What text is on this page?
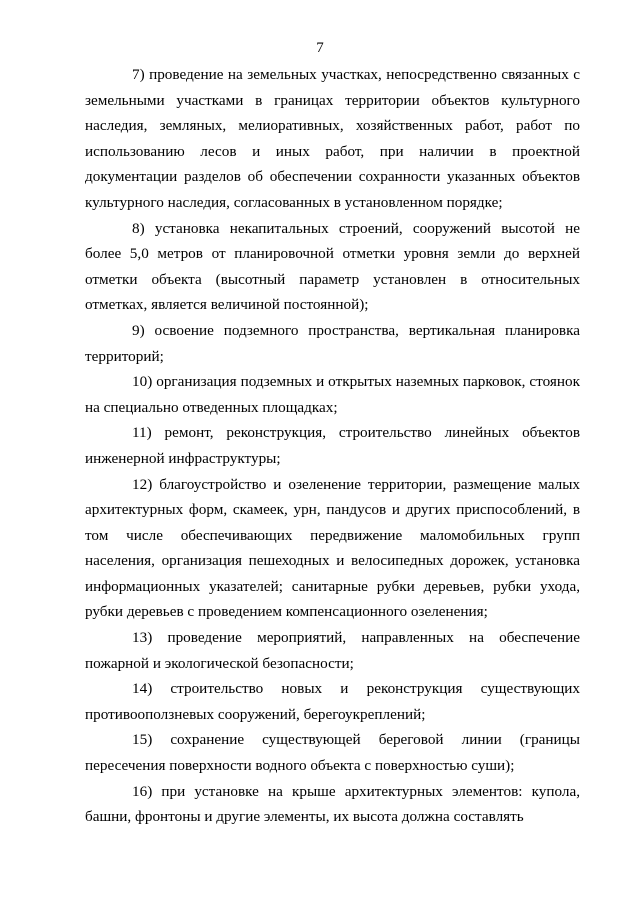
7

7) проведение на земельных участках, непосредственно связанных с земельными участками в границах территории объектов культурного наследия, земляных, мелиоративных, хозяйственных работ, работ по использованию лесов и иных работ, при наличии в проектной документации разделов об обеспечении сохранности указанных объектов культурного наследия, согласованных в установленном порядке;

8) установка некапитальных строений, сооружений высотой не более 5,0 метров от планировочной отметки уровня земли до верхней отметки объекта (высотный параметр установлен в относительных отметках, является величиной постоянной);

9) освоение подземного пространства, вертикальная планировка территорий;

10) организация подземных и открытых наземных парковок, стоянок на специально отведенных площадках;

11) ремонт, реконструкция, строительство линейных объектов инженерной инфраструктуры;

12) благоустройство и озеленение территории, размещение малых архитектурных форм, скамеек, урн, пандусов и других приспособлений, в том числе обеспечивающих передвижение маломобильных групп населения, организация пешеходных и велосипедных дорожек, установка информационных указателей; санитарные рубки деревьев, рубки ухода, рубки деревьев с проведением компенсационного озеленения;

13) проведение мероприятий, направленных на обеспечение пожарной и экологической безопасности;

14) строительство новых и реконструкция существующих противооползневых сооружений, берегоукреплений;

15) сохранение существующей береговой линии (границы пересечения поверхности водного объекта с поверхностью суши);

16) при установке на крыше архитектурных элементов: купола, башни, фронтоны и другие элементы, их высота должна составлять
